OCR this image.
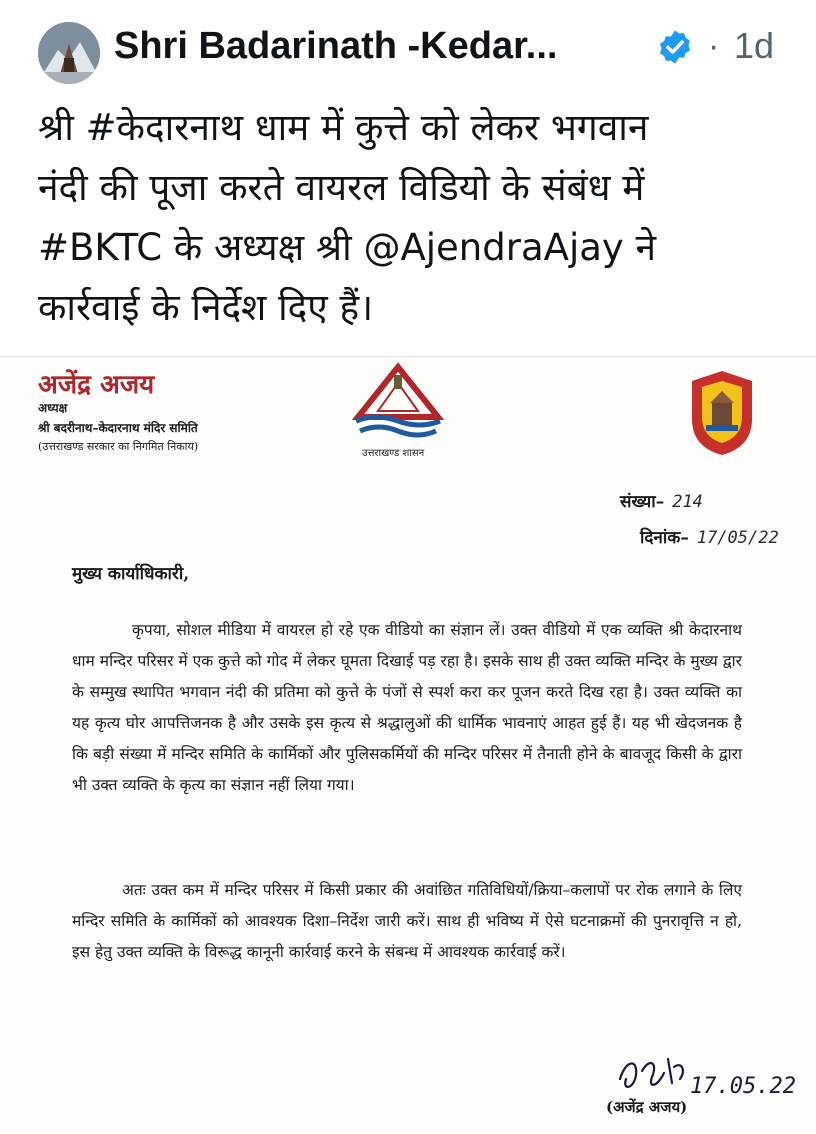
Shri Badarinath -Kedar...	· 1d
श्री #केदारनाथ धाम में कुत्ते को लेकर भगवान
नंदी की पूजा करते वायरल विडियो के संबंध में
#BKTC के अध्यक्ष श्री @AjendraAjay ने
कार्रवाई के निर्देश दिए हैं।
अजेंद्र अजय
अध्यक्ष
श्री बदरीनाथ–केदारनाथ मंदिर समिति
(उत्तराखण्ड सरकार का निगमित निकाय)
उत्तराखण्ड शासन
संख्या– 214
दिनांक– 17/05/22
मुख्य कार्याधिकारी,

कृपया, सोशल मीडिया में वायरल हो रहे एक वीडियो का संज्ञान लें। उक्त वीडियो में एक व्यक्ति श्री केदारनाथ धाम मन्दिर परिसर में एक कुत्ते को गोद में लेकर घूमता दिखाई पड़ रहा है। इसके साथ ही उक्त व्यक्ति मन्दिर के मुख्य द्वार के सम्मुख स्थापित भगवान नंदी की प्रतिमा को कुत्ते के पंजों से स्पर्श करा कर पूजन करते दिख रहा है। उक्त व्यक्ति का यह कृत्य घोर आपत्तिजनक है और उसके इस कृत्य से श्रद्धालुओं की धार्मिक भावनाएं आहत हुई हैं। यह भी खेदजनक है कि बड़ी संख्या में मन्दिर समिति के कार्मिकों और पुलिसकर्मियों की मन्दिर परिसर में तैनाती होने के बावजूद किसी के द्वारा भी उक्त व्यक्ति के कृत्य का संज्ञान नहीं लिया गया।

अतः उक्त कम में मन्दिर परिसर में किसी प्रकार की अवांछित गतिविधियों/क्रिया–कलापों पर रोक लगाने के लिए मन्दिर समिति के कार्मिकों को आवश्यक दिशा–निर्देश जारी करें। साथ ही भविष्य में ऐसे घटनाक्रमों की पुनरावृत्ति न हो, इस हेतु उक्त व्यक्ति के विरूद्ध कानूनी कार्रवाई करने के संबन्ध में आवश्यक कार्रवाई करें।

17.05.22
(अजेंद्र अजय)
